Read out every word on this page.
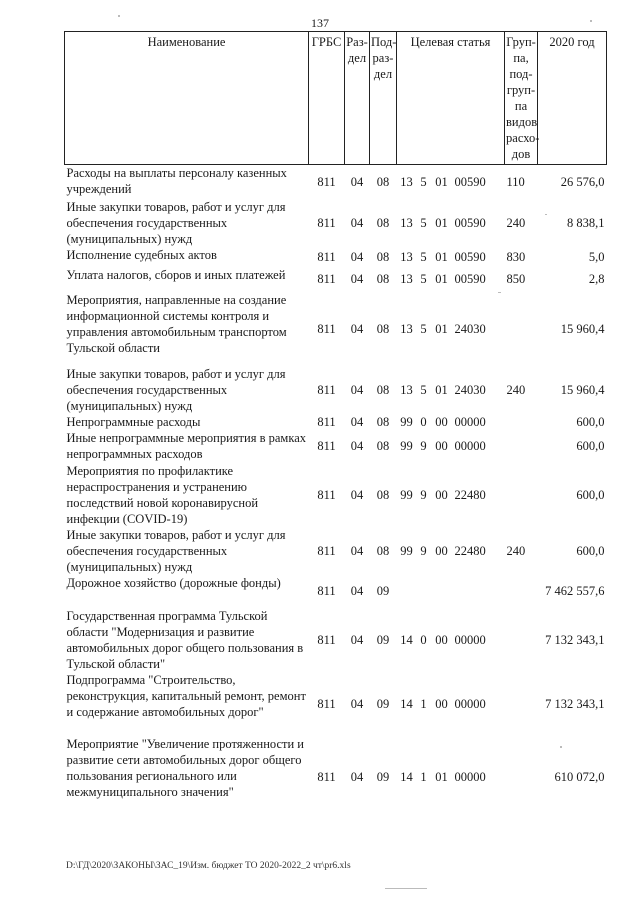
137
Наименование	ГРБС	Раз-дел	Под-раз-дел	Целевая статья				Груп-па, под-груп-па видов расхо-дов	2020 год
Расходы на выплаты персоналу казенных учреждений	811	04	08	13	5	01	00590	110	26 576,0
Иные закупки товаров, работ и услуг для обеспечения государственных (муниципальных) нужд	811	04	08	13	5	01	00590	240	8 838,1
Исполнение судебных актов	811	04	08	13	5	01	00590	830	5,0
Уплата налогов, сборов и иных платежей	811	04	08	13	5	01	00590	850	2,8
Мероприятия, направленные на создание информационной системы контроля и управления автомобильным транспортом Тульской области	811	04	08	13	5	01	24030		15 960,4
Иные закупки товаров, работ и услуг для обеспечения государственных (муниципальных) нужд	811	04	08	13	5	01	24030	240	15 960,4
Непрограммные расходы	811	04	08	99	0	00	00000		600,0
Иные непрограммные мероприятия в рамках непрограммных расходов	811	04	08	99	9	00	00000		600,0
Мероприятия по профилактике нераспространения и устранению последствий новой коронавирусной инфекции (COVID-19)	811	04	08	99	9	00	22480		600,0
Иные закупки товаров, работ и услуг для обеспечения государственных (муниципальных) нужд	811	04	08	99	9	00	22480	240	600,0
Дорожное хозяйство (дорожные фонды)	811	04	09						7 462 557,6
Государственная программа Тульской области "Модернизация и развитие автомобильных дорог общего пользования в Тульской области"	811	04	09	14	0	00	00000		7 132 343,1
Подпрограмма "Строительство, реконструкция, капитальный ремонт, ремонт и содержание автомобильных дорог"	811	04	09	14	1	00	00000		7 132 343,1
Мероприятие "Увеличение протяженности и развитие сети автомобильных дорог общего пользования регионального или межмуниципального значения"	811	04	09	14	1	01	00000		610 072,0
D:\ГД\2020\ЗАКОНЫ\ЗАС_19\Изм. бюджет ТО 2020-2022_2 чт\pr6.xls
